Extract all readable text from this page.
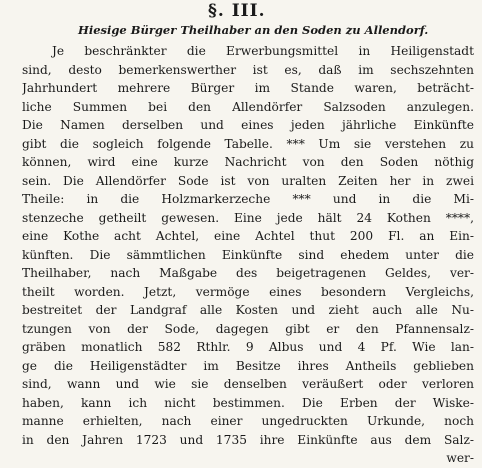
§. III.
Hiesige Bürger Theilhaber an den Soden zu Allendorf.
Je beschränkter die Erwerbungsmittel in Heiligenstadt
sind, desto bemerkenswerther ist es, daß im sechszehnten
Jahrhundert mehrere Bürger im Stande waren, beträcht-
liche Summen bei den Allendörfer Salzsoden anzulegen.
Die Namen derselben und eines jeden jährliche Einkünfte
gibt die sogleich folgende Tabelle. *** Um sie verstehen zu
können, wird eine kurze Nachricht von den Soden nöthig
sein. Die Allendörfer Sode ist von uralten Zeiten her in zwei
Theile: in die Holzmarkerzeche *** und in die Mi-
stenzeche getheilt gewesen. Eine jede hält 24 Kothen ****,
eine Kothe acht Achtel, eine Achtel thut 200 Fl. an Ein-
künften. Die sämmtlichen Einkünfte sind ehedem unter die
Theilhaber, nach Maßgabe des beigetragenen Geldes, ver-
theilt worden. Jetzt, vermöge eines besondern Vergleichs,
bestreitet der Landgraf alle Kosten und zieht auch alle Nu-
tzungen von der Sode, dagegen gibt er den Pfannensalz-
gräben monatlich 582 Rthlr. 9 Albus und 4 Pf. Wie lan-
ge die Heiligenstädter im Besitze ihres Antheils geblieben
sind, wann und wie sie denselben veräußert oder verloren
haben, kann ich nicht bestimmen. Die Erben der Wiske-
manne erhielten, nach einer ungedruckten Urkunde, noch
in den Jahren 1723 und 1735 ihre Einkünfte aus dem Salz-
wer-
